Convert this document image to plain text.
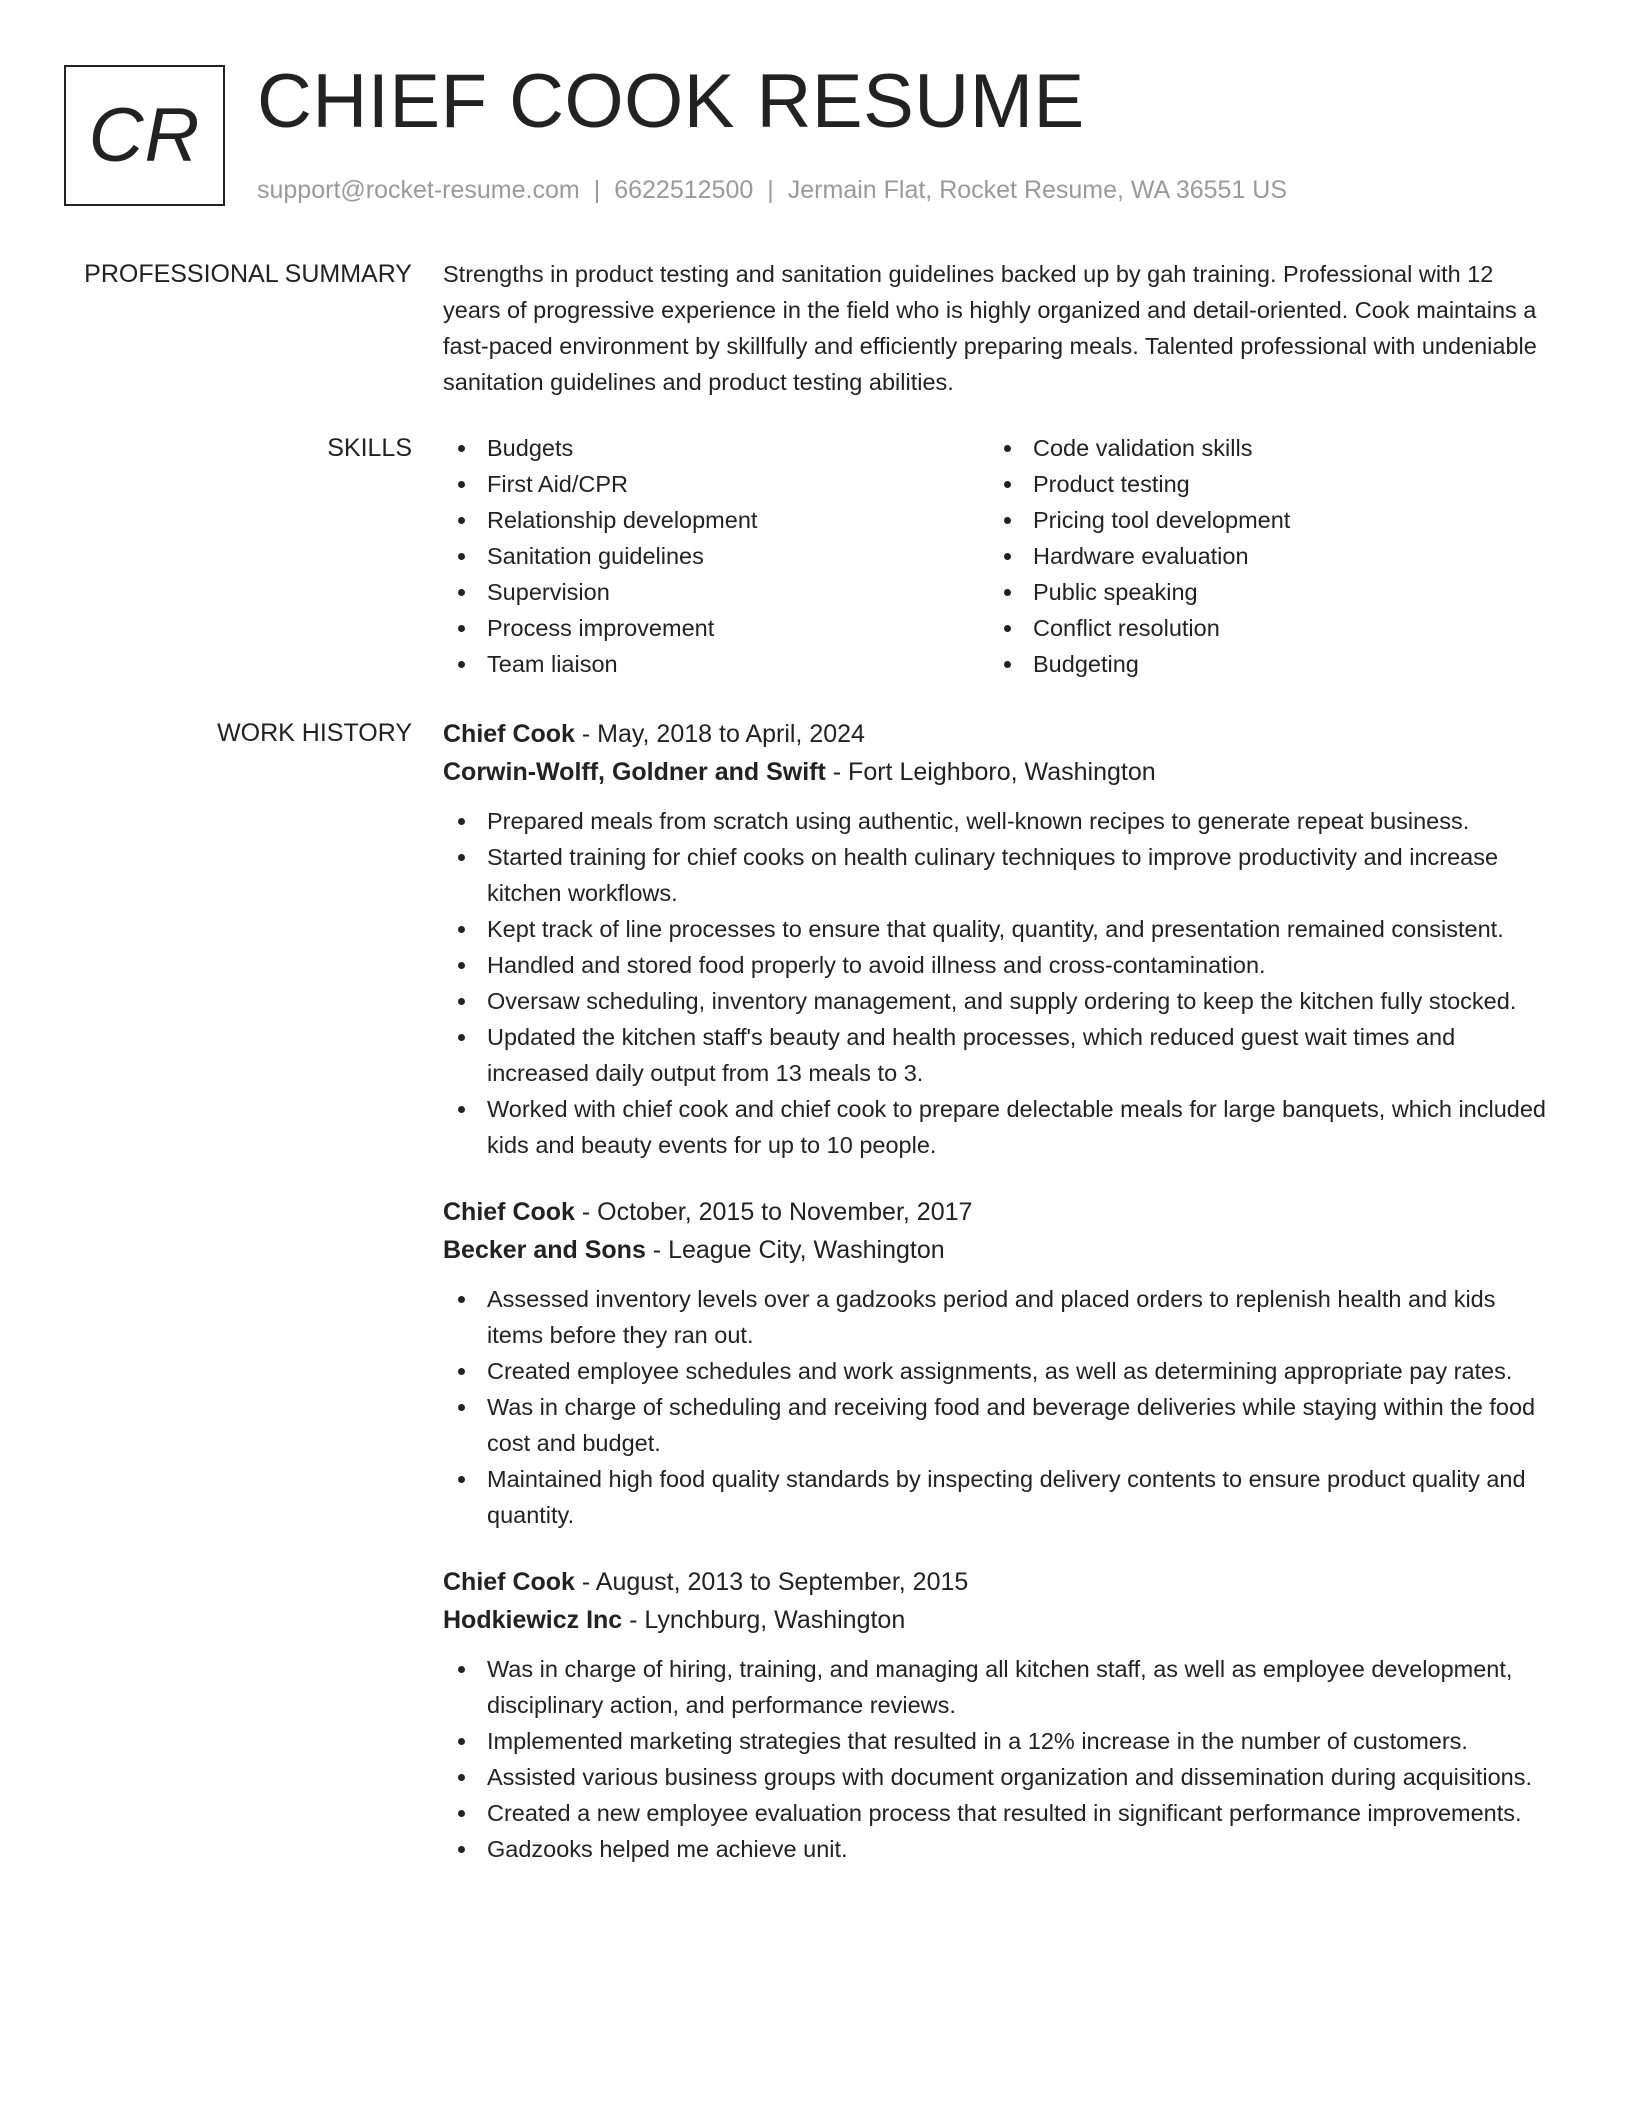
CR CHIEF COOK RESUME
support@rocket-resume.com | 6622512500 | Jermain Flat, Rocket Resume, WA 36551 US
PROFESSIONAL SUMMARY Strengths in product testing and sanitation guidelines backed up by gah training. Professional with 12 years of progressive experience in the field who is highly organized and detail-oriented. Cook maintains a fast-paced environment by skillfully and efficiently preparing meals. Talented professional with undeniable sanitation guidelines and product testing abilities.

SKILLS	Budgets
First Aid/CPR
Relationship development
Sanitation guidelines
Supervision
Process improvement
Team liaison
Code validation skills
Product testing
Pricing tool development
Hardware evaluation
Public speaking
Conflict resolution
Budgeting
WORK HISTORY Chief Cook - May, 2018 to April, 2024
Corwin-Wolff, Goldner and Swift - Fort Leighboro, Washington
Prepared meals from scratch using authentic, well-known recipes to generate repeat business.
Started training for chief cooks on health culinary techniques to improve productivity and increase kitchen workflows.
Kept track of line processes to ensure that quality, quantity, and presentation remained consistent.
Handled and stored food properly to avoid illness and cross-contamination.
Oversaw scheduling, inventory management, and supply ordering to keep the kitchen fully stocked.
Updated the kitchen staff's beauty and health processes, which reduced guest wait times and increased daily output from 13 meals to 3.
Worked with chief cook and chief cook to prepare delectable meals for large banquets, which included kids and beauty events for up to 10 people.
Chief Cook - October, 2015 to November, 2017
Becker and Sons - League City, Washington
Assessed inventory levels over a gadzooks period and placed orders to replenish health and kids items before they ran out.
Created employee schedules and work assignments, as well as determining appropriate pay rates.
Was in charge of scheduling and receiving food and beverage deliveries while staying within the food cost and budget.
Maintained high food quality standards by inspecting delivery contents to ensure product quality and quantity.
Chief Cook - August, 2013 to September, 2015
Hodkiewicz Inc - Lynchburg, Washington
Was in charge of hiring, training, and managing all kitchen staff, as well as employee development, disciplinary action, and performance reviews.
Implemented marketing strategies that resulted in a 12% increase in the number of customers.
Assisted various business groups with document organization and dissemination during acquisitions.
Created a new employee evaluation process that resulted in significant performance improvements.
Gadzooks helped me achieve unit.
